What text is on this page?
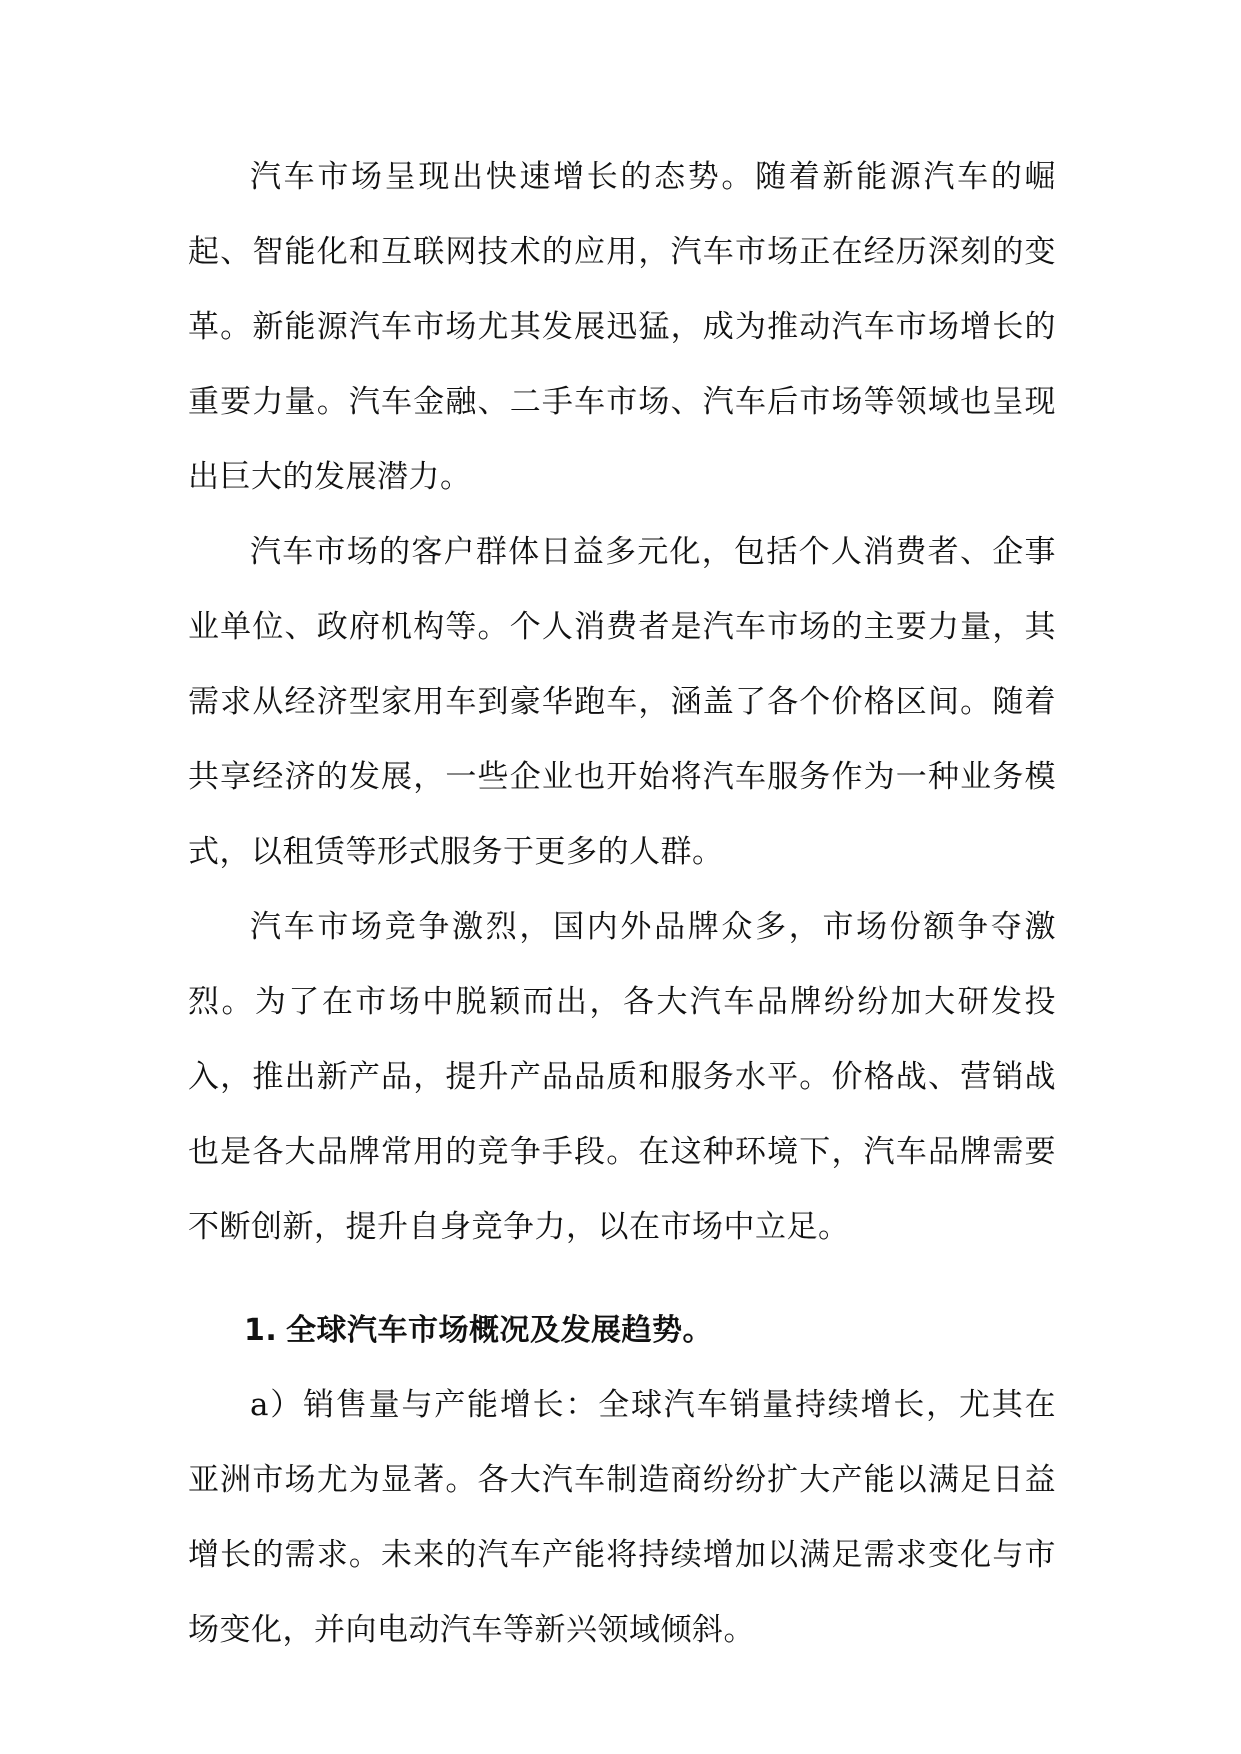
汽车市场呈现出快速增长的态势。随着新能源汽车的崛起、智能化和互联网技术的应用，汽车市场正在经历深刻的变革。新能源汽车市场尤其发展迅猛，成为推动汽车市场增长的重要力量。汽车金融、二手车市场、汽车后市场等领域也呈现出巨大的发展潜力。

汽车市场的客户群体日益多元化，包括个人消费者、企事业单位、政府机构等。个人消费者是汽车市场的主要力量，其需求从经济型家用车到豪华跑车，涵盖了各个价格区间。随着共享经济的发展，一些企业也开始将汽车服务作为一种业务模式，以租赁等形式服务于更多的人群。

汽车市场竞争激烈，国内外品牌众多，市场份额争夺激烈。为了在市场中脱颖而出，各大汽车品牌纷纷加大研发投入，推出新产品，提升产品品质和服务水平。价格战、营销战也是各大品牌常用的竞争手段。在这种环境下，汽车品牌需要不断创新，提升自身竞争力，以在市场中立足。

1. 全球汽车市场概况及发展趋势。

a）销售量与产能增长：全球汽车销量持续增长，尤其在亚洲市场尤为显著。各大汽车制造商纷纷扩大产能以满足日益增长的需求。未来的汽车产能将持续增加以满足需求变化与市场变化，并向电动汽车等新兴领域倾斜。
